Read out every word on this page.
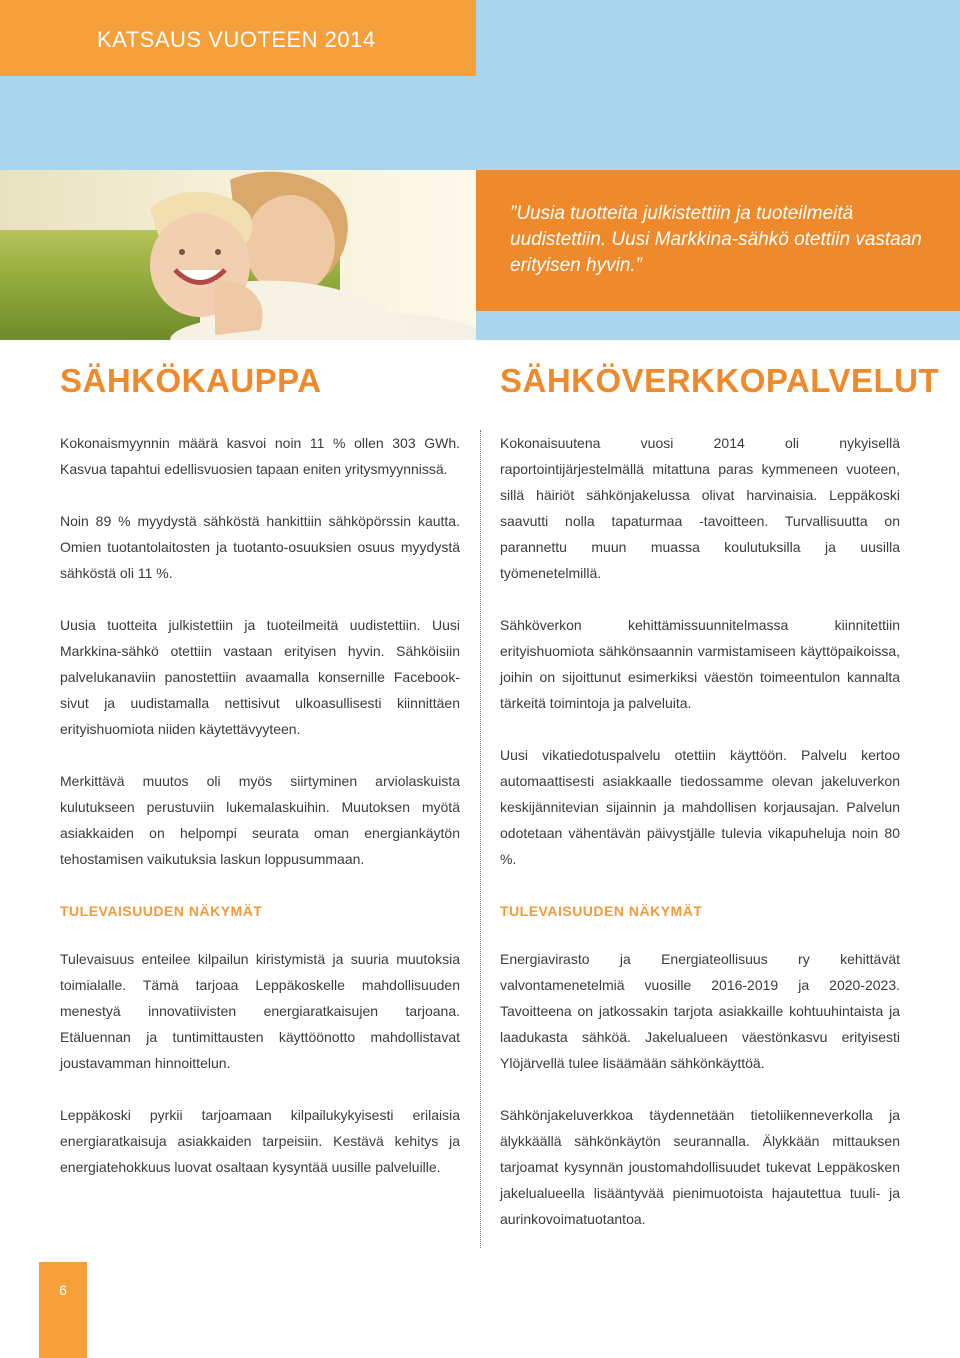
KATSAUS VUOTEEN 2014
”Uusia tuotteita julkistettiin ja tuoteilmeitä uudistettiin. Uusi Markkina-sähkö otettiin vastaan erityisen hyvin.”
SÄHKÖKAUPPA	SÄHKÖVERKKOPALVELUT

Kokonaismyynnin määrä kasvoi noin 11 % ollen 303 GWh. Kasvua tapahtui edellisvuosien tapaan eniten yritysmyynnissä.

Noin 89 % myydystä sähköstä hankittiin sähköpörssin kautta. Omien tuotantolaitosten ja tuotanto-osuuksien osuus myydystä sähköstä oli 11 %.

Uusia tuotteita julkistettiin ja tuoteilmeitä uudistettiin. Uusi Markkina-sähkö otettiin vastaan erityisen hyvin. Sähköisiin palvelukanaviin panostettiin avaamalla konsernille Facebook-sivut ja uudistamalla nettisivut ulkoasullisesti kiinnittäen erityishuomiota niiden käytettävyyteen.

Merkittävä muutos oli myös siirtyminen arviolaskuista kulutukseen perustuviin lukemalaskuihin. Muutoksen myötä asiakkaiden on helpompi seurata oman energiankäytön tehostamisen vaikutuksia laskun loppusummaan.

TULEVAISUUDEN NÄKYMÄT

Tulevaisuus enteilee kilpailun kiristymistä ja suuria muutoksia toimialalle. Tämä tarjoaa Leppäkoskelle mahdollisuuden menestyä innovatiivisten energiaratkaisujen tarjoana. Etäluennan ja tuntimittausten käyttöönotto mahdollistavat joustavamman hinnoittelun.

Leppäkoski pyrkii tarjoamaan kilpailukykyisesti erilaisia energiaratkaisuja asiakkaiden tarpeisiin. Kestävä kehitys ja energiatehokkuus luovat osaltaan kysyntää uusille palveluille.

Kokonaisuutena vuosi 2014 oli nykyisellä raportointijärjestelmällä mitattuna paras kymmeneen vuoteen, sillä häiriöt sähkönjakelussa olivat harvinaisia. Leppäkoski saavutti nolla tapaturmaa -tavoitteen. Turvallisuutta on parannettu muun muassa koulutuksilla ja uusilla työmenetelmillä.

Sähköverkon kehittämissuunnitelmassa kiinnitettiin erityishuomiota sähkönsaannin varmistamiseen käyttöpaikoissa, joihin on sijoittunut esimerkiksi väestön toimeentulon kannalta tärkeitä toimintoja ja palveluita.

Uusi vikatiedotuspalvelu otettiin käyttöön. Palvelu kertoo automaattisesti asiakkaalle tiedossamme olevan jakeluverkon keskijännitevian sijainnin ja mahdollisen korjausajan. Palvelun odotetaan vähentävän päivystjälle tulevia vikapuheluja noin 80 %.

TULEVAISUUDEN NÄKYMÄT

Energiavirasto ja Energiateollisuus ry kehittävät valvontamenetelmiä vuosille 2016-2019 ja 2020-2023. Tavoitteena on jatkossakin tarjota asiakkaille kohtuuhintaista ja laadukasta sähköä. Jakelualueen väestönkasvu erityisesti Ylöjärvellä tulee lisäämään sähkönkäyttöä.

Sähkönjakeluverkkoa täydennetään tietoliikenneverkolla ja älykkäällä sähkönkäytön seurannalla. Älykkään mittauksen tarjoamat kysynnän joustomahdollisuudet tukevat Leppäkosken jakelualueella lisääntyvää pienimuotoista hajautettua tuuli- ja aurinkovoimatuotantoa.

6
